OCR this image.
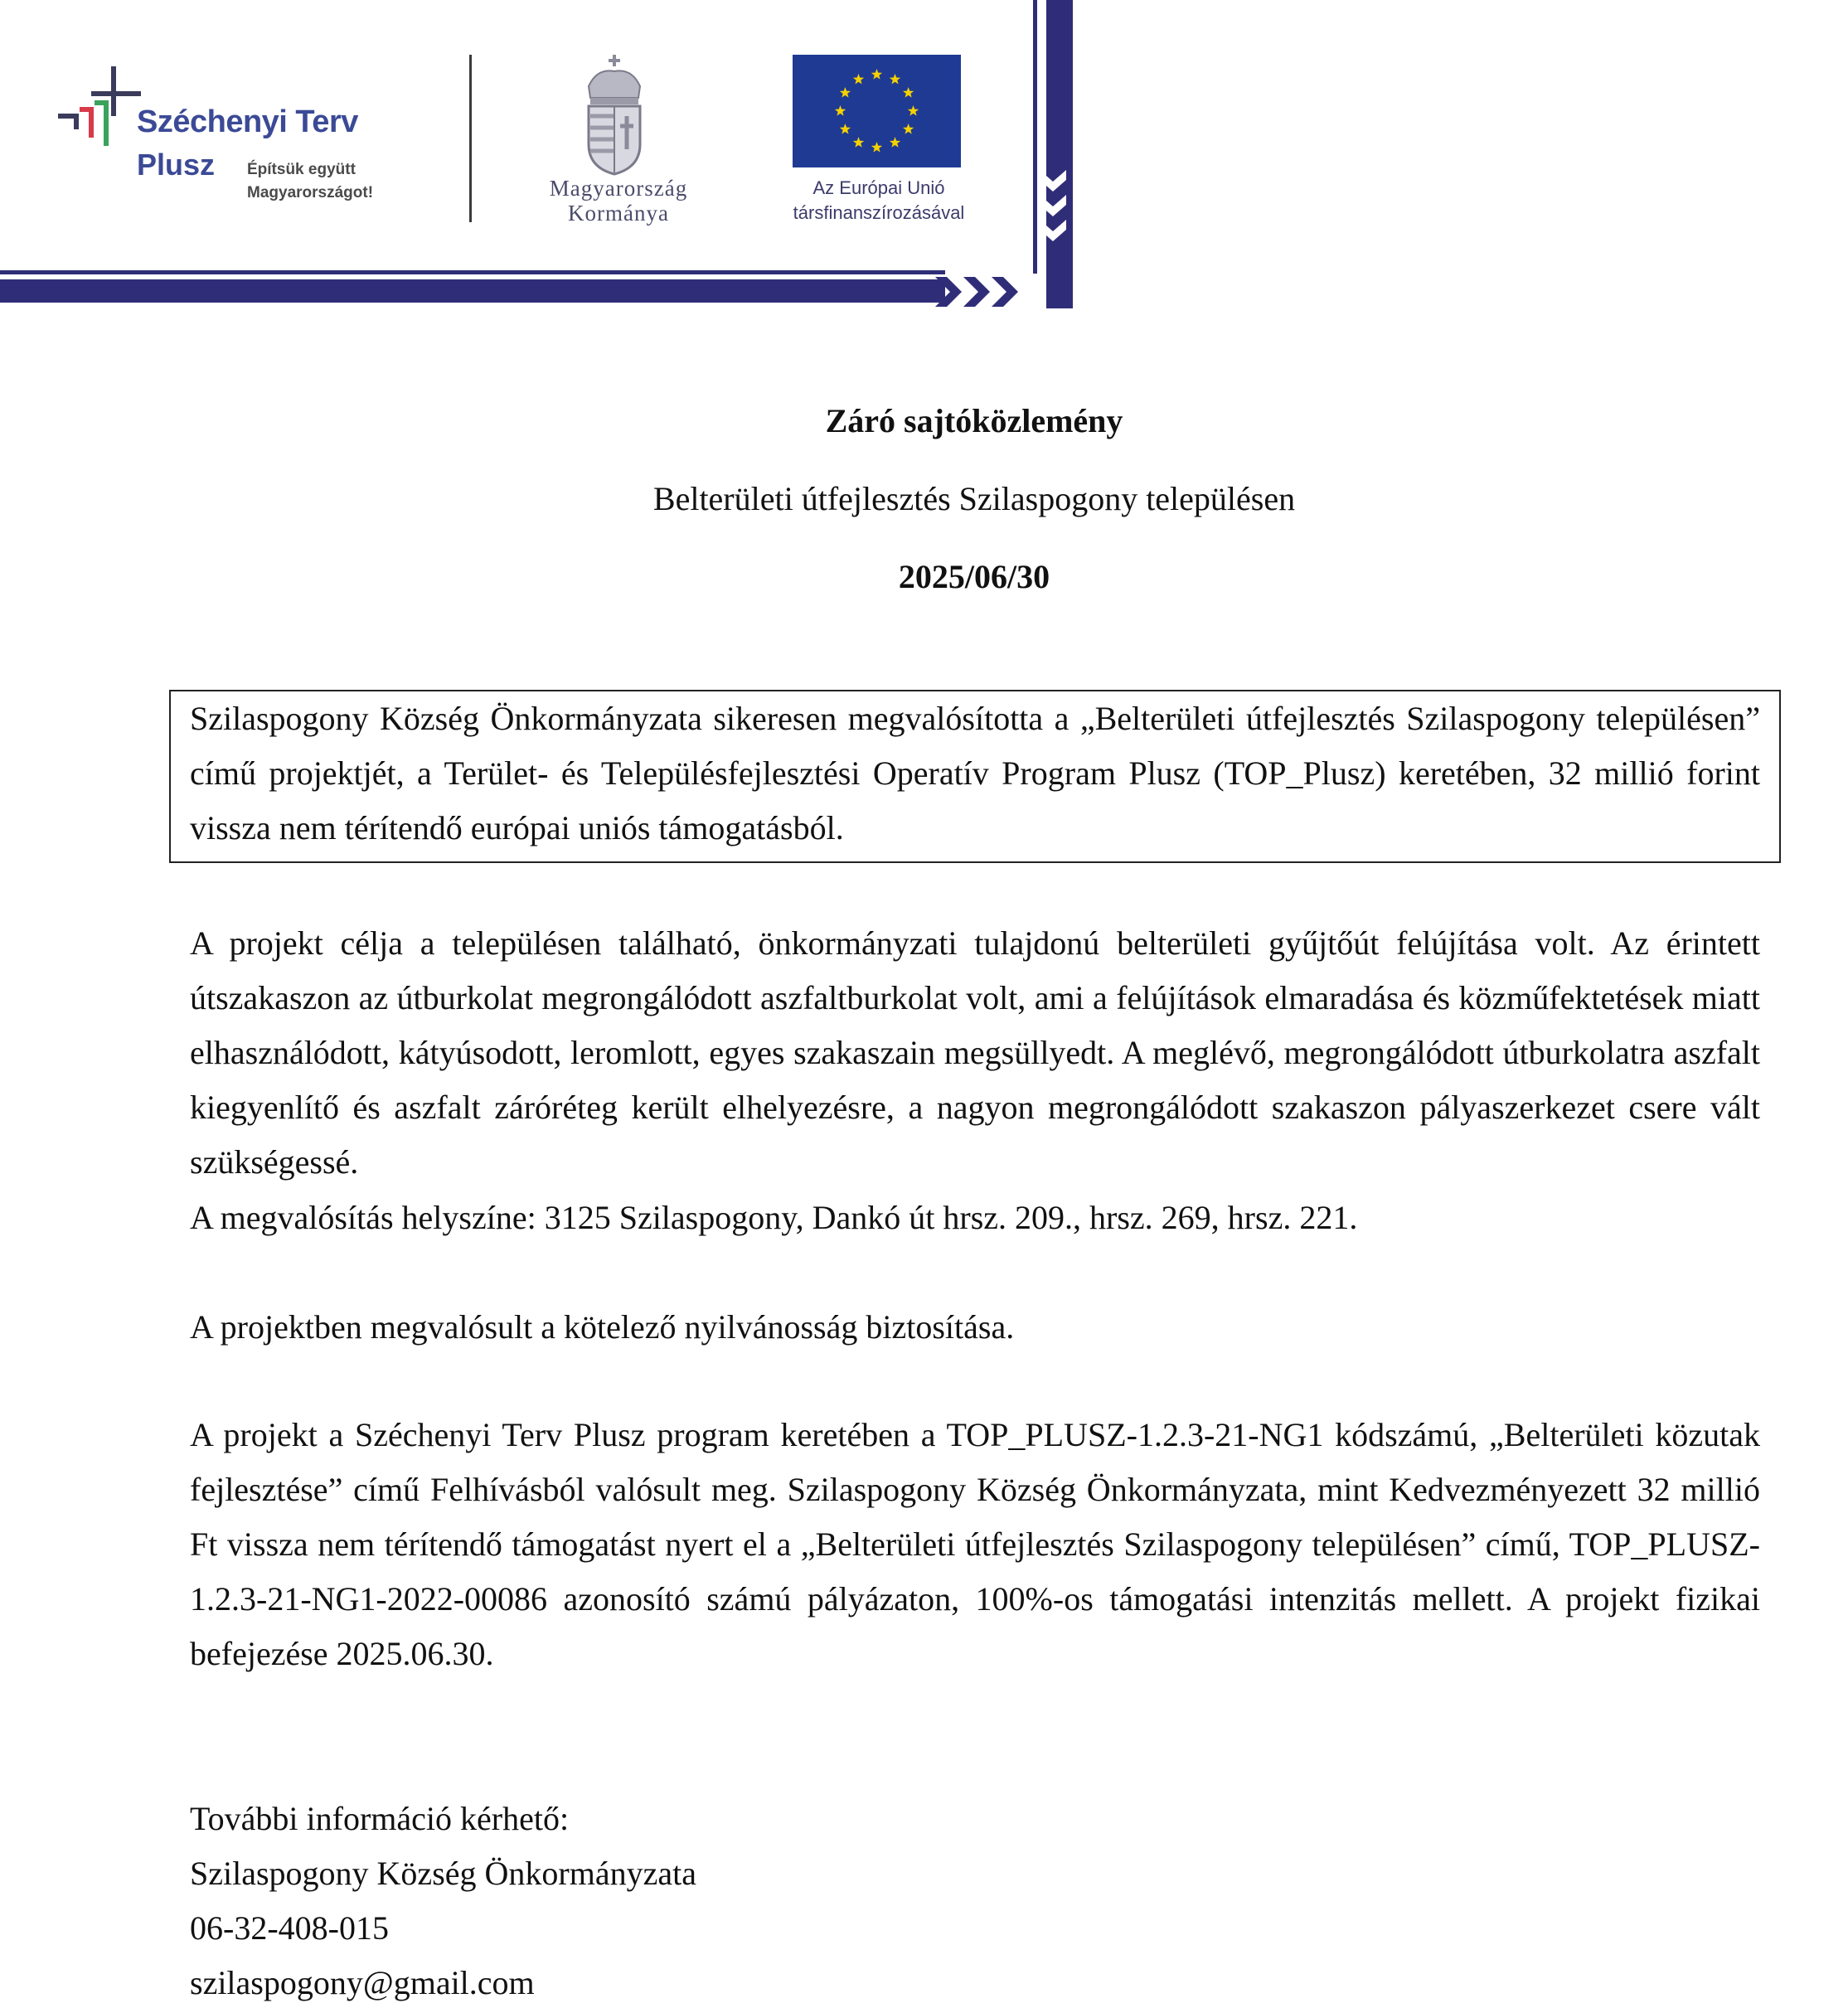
Széchenyi Terv
Plusz Építsük együtt
Magyarországot!	Magyarország
Kormánya
Az Európai Unió
társfinanszírozásával
Záró sajtóközlemény
Belterületi útfejlesztés Szilaspogony településen
2025/06/30
Szilaspogony Község Önkormányzata sikeresen megvalósította a „Belterületi útfejlesztés Szilaspogony településen” című projektjét, a Terület- és Településfejlesztési Operatív Program Plusz (TOP_Plusz) keretében, 32 millió forint vissza nem térítendő európai uniós támogatásból.
A projekt célja a településen található, önkormányzati tulajdonú belterületi gyűjtőút felújítása volt. Az érintett útszakaszon az útburkolat megrongálódott aszfaltburkolat volt, ami a felújítások elmaradása és közműfektetések miatt elhasználódott, kátyúsodott, leromlott, egyes szakaszain megsüllyedt. A meglévő, megrongálódott útburkolatra aszfalt kiegyenlítő és aszfalt záróréteg került elhelyezésre, a nagyon megrongálódott szakaszon pályaszerkezet csere vált szükségessé.
A megvalósítás helyszíne: 3125 Szilaspogony, Dankó út hrsz. 209., hrsz. 269, hrsz. 221.
A projektben megvalósult a kötelező nyilvánosság biztosítása.
A projekt a Széchenyi Terv Plusz program keretében a TOP_PLUSZ-1.2.3-21-NG1 kódszámú, „Belterületi közutak fejlesztése” című Felhívásból valósult meg. Szilaspogony Község Önkormányzata, mint Kedvezményezett 32 millió Ft vissza nem térítendő támogatást nyert el a „Belterületi útfejlesztés Szilaspogony településen” című, TOP_PLUSZ-1.2.3-21-NG1-2022-00086 azonosító számú pályázaton, 100%-os támogatási intenzitás mellett. A projekt fizikai befejezése 2025.06.30.
További információ kérhető:
Szilaspogony Község Önkormányzata
06-32-408-015
szilaspogony@gmail.com
